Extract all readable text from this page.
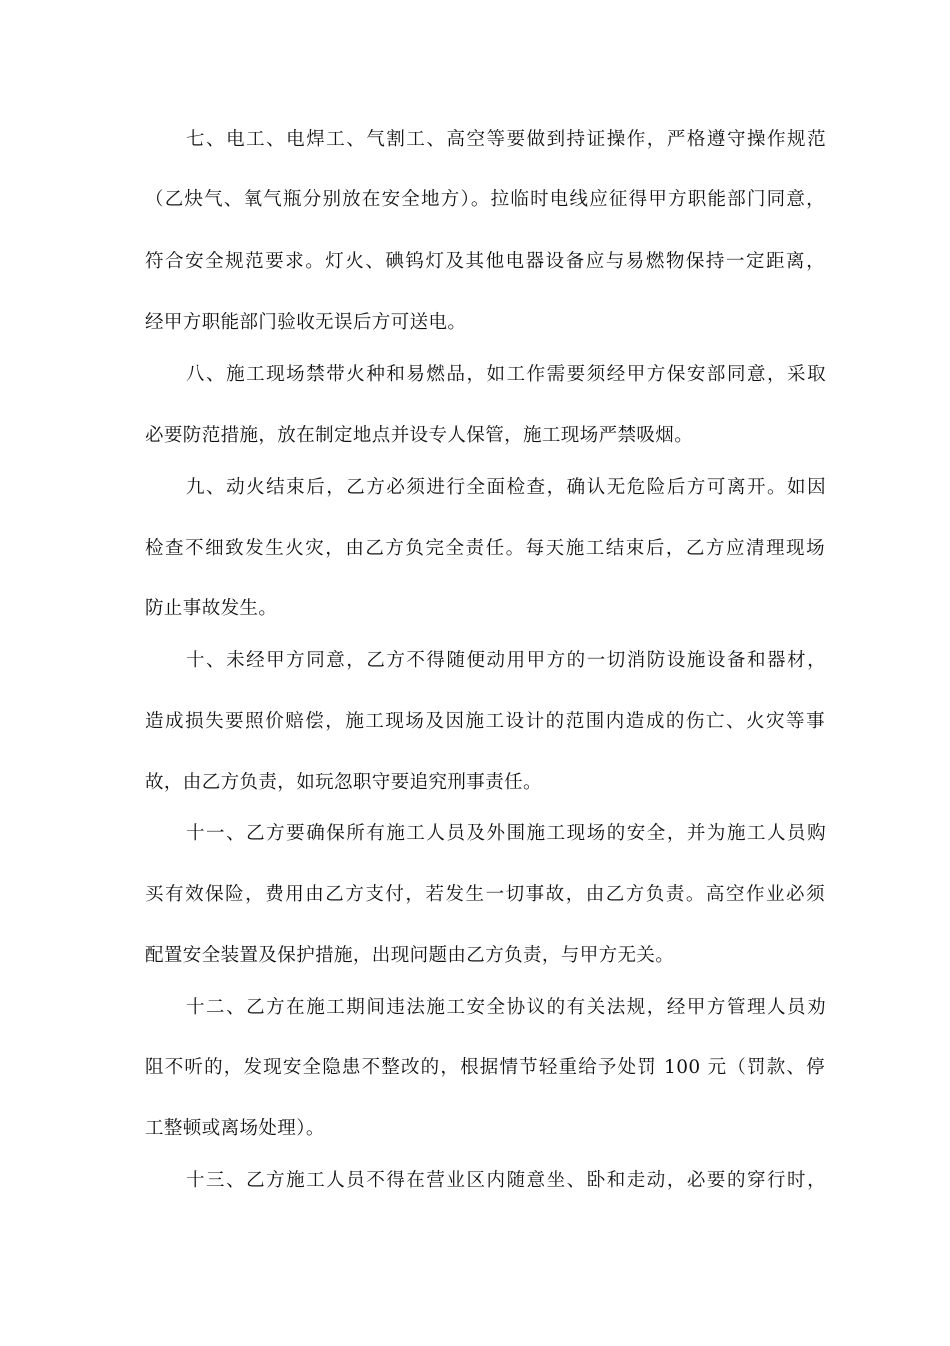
七、电工、电焊工、气割工、高空等要做到持证操作，严格遵守操作规范
（乙炔气、氧气瓶分别放在安全地方）。拉临时电线应征得甲方职能部门同意，
符合安全规范要求。灯火、碘钨灯及其他电器设备应与易燃物保持一定距离，
经甲方职能部门验收无误后方可送电。
八、施工现场禁带火种和易燃品，如工作需要须经甲方保安部同意，采取
必要防范措施，放在制定地点并设专人保管，施工现场严禁吸烟。
九、动火结束后，乙方必须进行全面检查，确认无危险后方可离开。如因
检查不细致发生火灾，由乙方负完全责任。每天施工结束后，乙方应清理现场
防止事故发生。
十、未经甲方同意，乙方不得随便动用甲方的一切消防设施设备和器材，
造成损失要照价赔偿，施工现场及因施工设计的范围内造成的伤亡、火灾等事
故，由乙方负责，如玩忽职守要追究刑事责任。
十一、乙方要确保所有施工人员及外围施工现场的安全，并为施工人员购
买有效保险，费用由乙方支付，若发生一切事故，由乙方负责。高空作业必须
配置安全装置及保护措施，出现问题由乙方负责，与甲方无关。
十二、乙方在施工期间违法施工安全协议的有关法规，经甲方管理人员劝
阻不听的，发现安全隐患不整改的，根据情节轻重给予处罚 100 元（罚款、停
工整顿或离场处理）。
十三、乙方施工人员不得在营业区内随意坐、卧和走动，必要的穿行时，
